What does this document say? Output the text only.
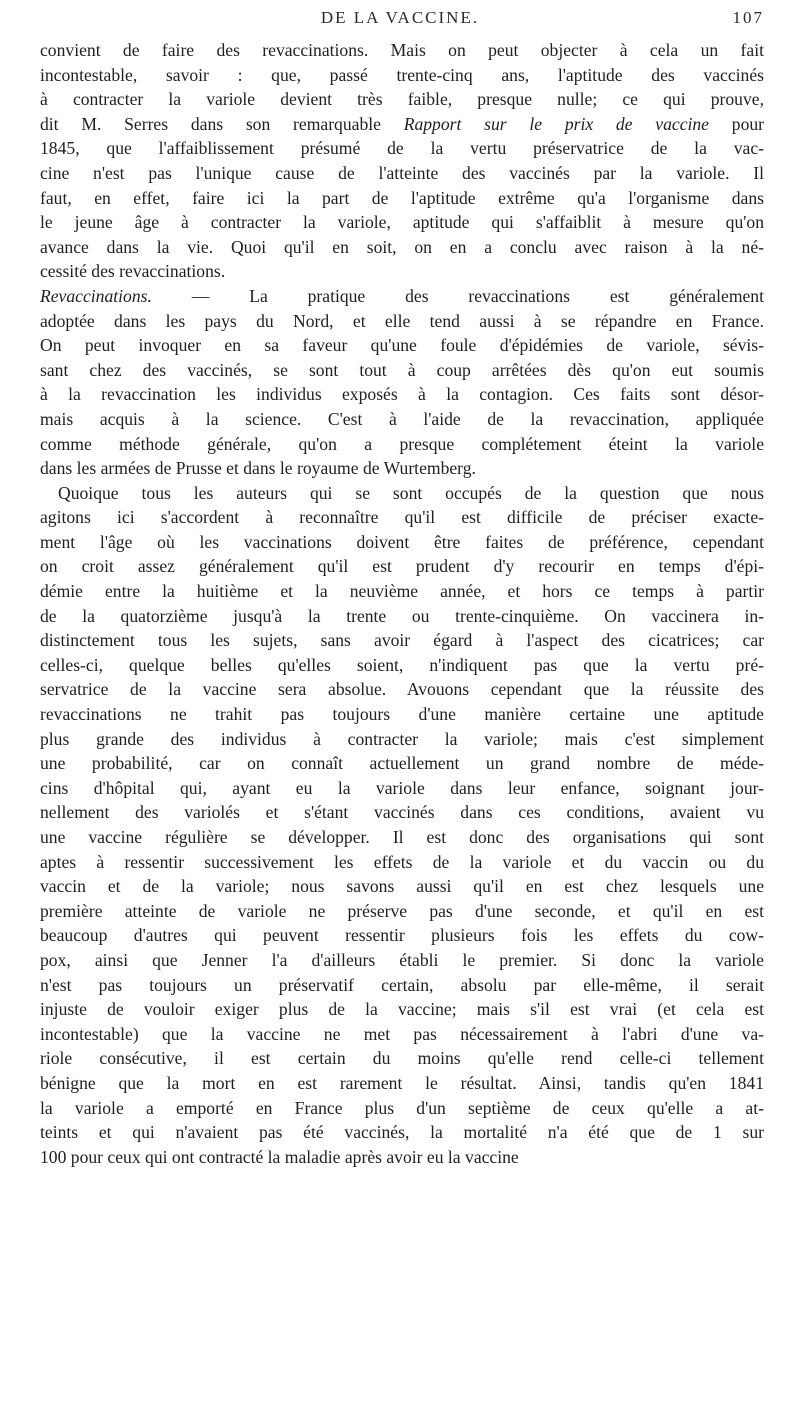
DE LA VACCINE.	107
convient de faire des revaccinations. Mais on peut objecter à cela un fait
incontestable, savoir : que, passé trente-cinq ans, l'aptitude des vaccinés
à contracter la variole devient très faible, presque nulle; ce qui prouve,
dit M. Serres dans son remarquable Rapport sur le prix de vaccine pour
1845, que l'affaiblissement présumé de la vertu préservatrice de la vac-
cine n'est pas l'unique cause de l'atteinte des vaccinés par la variole. Il
faut, en effet, faire ici la part de l'aptitude extrême qu'a l'organisme dans
le jeune âge à contracter la variole, aptitude qui s'affaiblit à mesure qu'on
avance dans la vie. Quoi qu'il en soit, on en a conclu avec raison à la né-
cessité des revaccinations.
Revaccinations. — La pratique des revaccinations est généralement
adoptée dans les pays du Nord, et elle tend aussi à se répandre en France.
On peut invoquer en sa faveur qu'une foule d'épidémies de variole, sévis-
sant chez des vaccinés, se sont tout à coup arrêtées dès qu'on eut soumis
à la revaccination les individus exposés à la contagion. Ces faits sont désor-
mais acquis à la science. C'est à l'aide de la revaccination, appliquée
comme méthode générale, qu'on a presque complétement éteint la variole
dans les armées de Prusse et dans le royaume de Wurtemberg.
Quoique tous les auteurs qui se sont occupés de la question que nous
agitons ici s'accordent à reconnaître qu'il est difficile de préciser exacte-
ment l'âge où les vaccinations doivent être faites de préférence, cependant
on croit assez généralement qu'il est prudent d'y recourir en temps d'épi-
démie entre la huitième et la neuvième année, et hors ce temps à partir
de la quatorzième jusqu'à la trente ou trente-cinquième. On vaccinera in-
distinctement tous les sujets, sans avoir égard à l'aspect des cicatrices; car
celles-ci, quelque belles qu'elles soient, n'indiquent pas que la vertu pré-
servatrice de la vaccine sera absolue. Avouons cependant que la réussite des
revaccinations ne trahit pas toujours d'une manière certaine une aptitude
plus grande des individus à contracter la variole; mais c'est simplement
une probabilité, car on connaît actuellement un grand nombre de méde-
cins d'hôpital qui, ayant eu la variole dans leur enfance, soignant jour-
nellement des variolés et s'étant vaccinés dans ces conditions, avaient vu
une vaccine régulière se développer. Il est donc des organisations qui sont
aptes à ressentir successivement les effets de la variole et du vaccin ou du
vaccin et de la variole; nous savons aussi qu'il en est chez lesquels une
première atteinte de variole ne préserve pas d'une seconde, et qu'il en est
beaucoup d'autres qui peuvent ressentir plusieurs fois les effets du cow-
pox, ainsi que Jenner l'a d'ailleurs établi le premier. Si donc la variole
n'est pas toujours un préservatif certain, absolu par elle-même, il serait
injuste de vouloir exiger plus de la vaccine; mais s'il est vrai (et cela est
incontestable) que la vaccine ne met pas nécessairement à l'abri d'une va-
riole consécutive, il est certain du moins qu'elle rend celle-ci tellement
bénigne que la mort en est rarement le résultat. Ainsi, tandis qu'en 1841
la variole a emporté en France plus d'un septième de ceux qu'elle a at-
teints et qui n'avaient pas été vaccinés, la mortalité n'a été que de 1 sur
100 pour ceux qui ont contracté la maladie après avoir eu la vaccine
